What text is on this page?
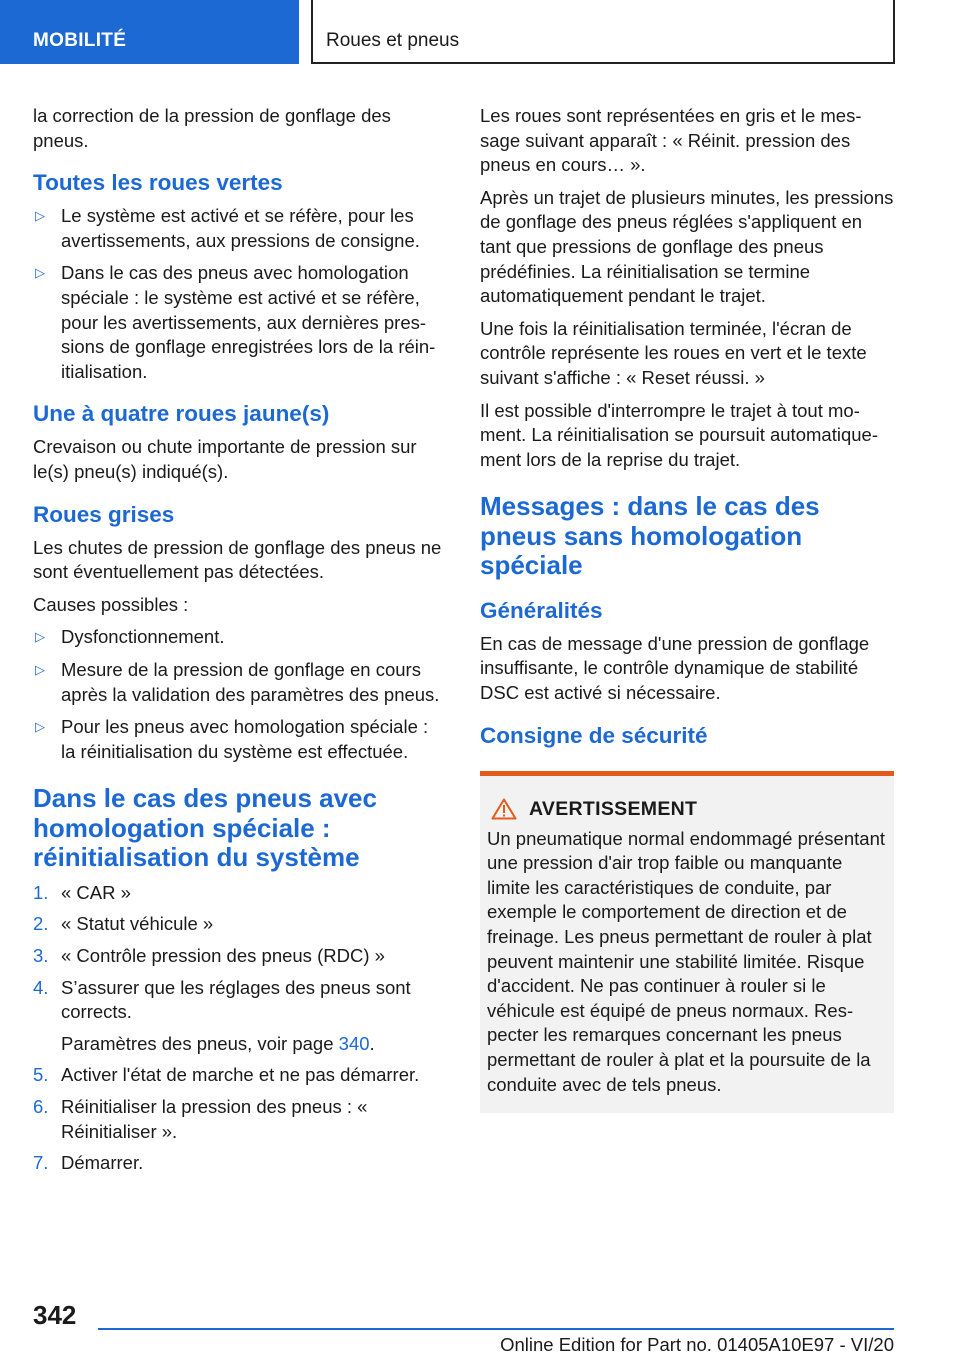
MOBILITÉ	Roues et pneus

la correction de la pression de gonflage des pneus.

Toutes les roues vertes
▷ Le système est activé et se réfère, pour les avertissements, aux pressions de consigne.
▷ Dans le cas des pneus avec homologation spéciale : le système est activé et se réfère, pour les avertissements, aux dernières pressions de gonflage enregistrées lors de la réinitialisation.
Une à quatre roues jaune(s)

Crevaison ou chute importante de pression sur le(s) pneu(s) indiqué(s).

Roues grises

Les chutes de pression de gonflage des pneus ne sont éventuellement pas détectées.

Causes possibles :

▷ Dysfonctionnement.
▷ Mesure de la pression de gonflage en cours après la validation des paramètres des pneus.
▷ Pour les pneus avec homologation spéciale : la réinitialisation du système est effectuée.
Dans le cas des pneus avec homologation spéciale : réinitialisation du système
1. « CAR »
2. « Statut véhicule »
3. « Contrôle pression des pneus (RDC) »
4. S’assurer que les réglages des pneus sont corrects.
Paramètres des pneus, voir page 340.
5. Activer l'état de marche et ne pas démarrer.
6. Réinitialiser la pression des pneus : « Réinitialiser ».
7. Démarrer.

Les roues sont représentées en gris et le message suivant apparaît : « Réinit. pression des pneus en cours… ».

Après un trajet de plusieurs minutes, les pressions de gonflage des pneus réglées s'appliquent en tant que pressions de gonflage des pneus prédéfinies. La réinitialisation se termine automatiquement pendant le trajet.

Une fois la réinitialisation terminée, l'écran de contrôle représente les roues en vert et le texte suivant s'affiche : « Reset réussi. »

Il est possible d'interrompre le trajet à tout moment. La réinitialisation se poursuit automatiquement lors de la reprise du trajet.

Messages : dans le cas des pneus sans homologation spéciale
Généralités

En cas de message d'une pression de gonflage insuffisante, le contrôle dynamique de stabilité DSC est activé si nécessaire.

Consigne de sécurité
AVERTISSEMENT

Un pneumatique normal endommagé présentant une pression d'air trop faible ou manquante limite les caractéristiques de conduite, par exemple le comportement de direction et de freinage. Les pneus permettant de rouler à plat peuvent maintenir une stabilité limitée. Risque d'accident. Ne pas continuer à rouler si le véhicule est équipé de pneus normaux. Respecter les remarques concernant les pneus permettant de rouler à plat et la poursuite de la conduite avec de tels pneus.

342
Online Edition for Part no. 01405A10E97 - VI/20
